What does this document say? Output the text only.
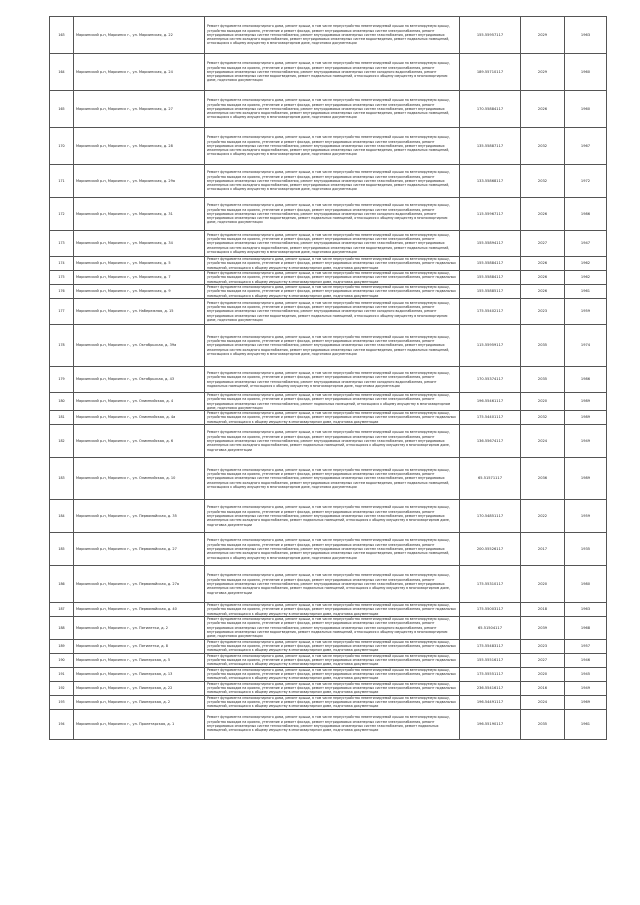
163	Мариинский р-н, Мариинск г., ул. Мариинская, д. 22	Ремонт фундамента многоквартирного дома, ремонт крыши, в том числе переустройство невентилируемой крыши на вентилируемую крышу, устройство выходов на кровлю, утепление и ремонт фасада, ремонт внутридомовых инженерных систем электроснабжения, ремонт внутридомовых инженерных систем теплоснабжения, ремонт внутридомовых инженерных систем газоснабжения, ремонт внутридомовых инженерных систем холодного водоснабжения, ремонт внутридомовых инженерных систем водоотведения, ремонт подвальных помещений, относящихся к общему имуществу в многоквартирном доме, подготовка документации	155.55957117	2029	1963
164	Мариинский р-н, Мариинск г., ул. Мариинская, д. 24	Ремонт фундамента многоквартирного дома, ремонт крыши, в том числе переустройство невентилируемой крыши на вентилируемую крышу, устройство выходов на кровлю, утепление и ремонт фасада, ремонт внутридомовых инженерных систем электроснабжения, ремонт внутридомовых инженерных систем теплоснабжения, ремонт внутридомовых инженерных систем холодного водоснабжения, ремонт внутридомовых инженерных систем водоотведения, ремонт подвальных помещений, относящихся к общему имуществу в многоквартирном доме, подготовка документации	189.55710117	2029	1960
165	Мариинский р-н, Мариинск г., ул. Мариинская, д. 27	Ремонт фундамента многоквартирного дома, ремонт крыши, в том числе переустройство невентилируемой крыши на вентилируемую крышу, устройство выходов на кровлю, утепление и ремонт фасада, ремонт внутридомовых инженерных систем электроснабжения, ремонт внутридомовых инженерных систем теплоснабжения, ремонт внутридомовых инженерных систем газоснабжения, ремонт внутридомовых инженерных систем холодного водоснабжения, ремонт внутридомовых инженерных систем водоотведения, ремонт подвальных помещений, относящихся к общему имуществу в многоквартирном доме, подготовка документации	170.55884117	2026	1960
170	Мариинский р-н, Мариинск г., ул. Мариинская, д. 28	Ремонт фундамента многоквартирного дома, ремонт крыши, в том числе переустройство невентилируемой крыши на вентилируемую крышу, устройство выходов на кровлю, утепление и ремонт фасада, ремонт внутридомовых инженерных систем электроснабжения, ремонт внутридомовых инженерных систем теплоснабжения, ремонт внутридомовых инженерных систем газоснабжения, ремонт внутридомовых инженерных систем холодного водоснабжения, ремонт внутридомовых инженерных систем водоотведения, ремонт подвальных помещений, относящихся к общему имуществу в многоквартирном доме, подготовка документации	135.55887117	2032	1967
171	Мариинский р-н, Мариинск г., ул. Мариинская, д. 29а	Ремонт фундамента многоквартирного дома, ремонт крыши, в том числе переустройство невентилируемой крыши на вентилируемую крышу, устройство выходов на кровлю, утепление и ремонт фасада, ремонт внутридомовых инженерных систем электроснабжения, ремонт внутридомовых инженерных систем теплоснабжения, ремонт внутридомовых инженерных систем газоснабжения, ремонт внутридомовых инженерных систем холодного водоснабжения, ремонт внутридомовых инженерных систем водоотведения, ремонт подвальных помещений, относящихся к общему имуществу в многоквартирном доме, подготовка документации	133.55868117	2032	1972
172	Мариинский р-н, Мариинск г., ул. Мариинская, д. 31	Ремонт фундамента многоквартирного дома, ремонт крыши, в том числе переустройство невентилируемой крыши на вентилируемую крышу, устройство выходов на кровлю, утепление и ремонт фасада, ремонт внутридомовых инженерных систем электроснабжения, ремонт внутридомовых инженерных систем теплоснабжения, ремонт внутридомовых инженерных систем холодного водоснабжения, ремонт внутридомовых инженерных систем водоотведения, ремонт подвальных помещений, относящихся к общему имуществу в многоквартирном доме, подготовка документации	115.55967117	2026	1986
173	Мариинский р-н, Мариинск г., ул. Мариинская, д. 34	Ремонт фундамента многоквартирного дома, ремонт крыши, в том числе переустройство невентилируемой крыши на вентилируемую крышу, устройство выходов на кровлю, утепление и ремонт фасада, ремонт внутридомовых инженерных систем электроснабжения, ремонт внутридомовых инженерных систем теплоснабжения, ремонт внутридомовых инженерных систем газоснабжения, ремонт внутридомовых инженерных систем холодного водоснабжения, ремонт внутридомовых инженерных систем водоотведения, ремонт подвальных помещений, относящихся к общему имуществу в многоквартирном доме, подготовка документации	155.55894117	2027	1947
174	Мариинский р-н, Мариинск г., ул. Мариинская, д. 5	Ремонт фундамента многоквартирного дома, ремонт крыши, в том числе переустройство невентилируемой крыши на вентилируемую крышу, устройство выходов на кровлю, утепление и ремонт фасада, ремонт внутридомовых инженерных систем электроснабжения, ремонт подвальных помещений, относящихся к общему имуществу в многоквартирном доме, подготовка документации	155.55884117	2026	1962
175	Мариинский р-н, Мариинск г., ул. Мариинская, д. 7	Ремонт фундамента многоквартирного дома, ремонт крыши, в том числе переустройство невентилируемой крыши на вентилируемую крышу, устройство выходов на кровлю, утепление и ремонт фасада, ремонт внутридомовых инженерных систем электроснабжения, ремонт подвальных помещений, относящихся к общему имуществу в многоквартирном доме, подготовка документации	155.55884117	2026	1962
176	Мариинский р-н, Мариинск г., ул. Мариинская, д. 9	Ремонт фундамента многоквартирного дома, ремонт крыши, в том числе переустройство невентилируемой крыши на вентилируемую крышу, устройство выходов на кровлю, утепление и ремонт фасада, ремонт внутридомовых инженерных систем электроснабжения, ремонт подвальных помещений, относящихся к общему имуществу в многоквартирном доме, подготовка документации	155.55885117	2026	1961
177	Мариинский р-н, Мариинск г., ул. Набережная, д. 15	Ремонт фундамента многоквартирного дома, ремонт крыши, в том числе переустройство невентилируемой крыши на вентилируемую крышу, устройство выходов на кровлю, утепление и ремонт фасада, ремонт внутридомовых инженерных систем электроснабжения, ремонт внутридомовых инженерных систем теплоснабжения, ремонт внутридомовых инженерных систем холодного водоснабжения, ремонт внутридомовых инженерных систем водоотведения, ремонт подвальных помещений, относящихся к общему имуществу в многоквартирном доме, подготовка документации	175.55402117	2023	1959
178	Мариинский р-н, Мариинск г., ул. Октябрьская, д. 39а	Ремонт фундамента многоквартирного дома, ремонт крыши, в том числе переустройство невентилируемой крыши на вентилируемую крышу, устройство выходов на кровлю, утепление и ремонт фасада, ремонт внутридомовых инженерных систем электроснабжения, ремонт внутридомовых инженерных систем теплоснабжения, ремонт внутридомовых инженерных систем газоснабжения, ремонт внутридомовых инженерных систем холодного водоснабжения, ремонт внутридомовых инженерных систем водоотведения, ремонт подвальных помещений, относящихся к общему имуществу в многоквартирном доме, подготовка документации	115.55959117	2035	1974
179	Мариинский р-н, Мариинск г., ул. Октябрьская, д. 43	Ремонт фундамента многоквартирного дома, ремонт крыши, в том числе переустройство невентилируемой крыши на вентилируемую крышу, устройство выходов на кровлю, утепление и ремонт фасада, ремонт внутридомовых инженерных систем электроснабжения, ремонт внутридомовых инженерных систем теплоснабжения, ремонт внутридомовых инженерных систем холодного водоснабжения, ремонт подвальных помещений, относящихся к общему имуществу в многоквартирном доме, подготовка документации	170.55374117	2035	1986
180	Мариинский р-н, Мариинск г., ул. Олимпийская, д. 4	Ремонт фундамента многоквартирного дома, ремонт крыши, в том числе переустройство невентилируемой крыши на вентилируемую крышу, устройство выходов на кровлю, утепление и ремонт фасада, ремонт внутридомовых инженерных систем электроснабжения, ремонт внутридомовых инженерных систем теплоснабжения, ремонт подвальных помещений, относящихся к общему имуществу в многоквартирном доме, подготовка документации	196.55461117	2020	1989
181	Мариинский р-н, Мариинск г., ул. Олимпийская, д. 4а	Ремонт фундамента многоквартирного дома, ремонт крыши, в том числе переустройство невентилируемой крыши на вентилируемую крышу, устройство выходов на кровлю, утепление и ремонт фасада, ремонт внутридомовых инженерных систем электроснабжения, ремонт подвальных помещений, относящихся к общему имуществу в многоквартирном доме, подготовка документации	175.54401117	2032	1989
182	Мариинский р-н, Мариинск г., ул. Олимпийская, д. 6	Ремонт фундамента многоквартирного дома, ремонт крыши, в том числе переустройство невентилируемой крыши на вентилируемую крышу, устройство выходов на кровлю, утепление и ремонт фасада, ремонт внутридомовых инженерных систем электроснабжения, ремонт внутридомовых инженерных систем теплоснабжения, ремонт внутридомовых инженерных систем газоснабжения, ремонт внутридомовых инженерных систем холодного водоснабжения, ремонт подвальных помещений, относящихся к общему имуществу в многоквартирном доме, подготовка документации	136.55674117	2024	1949
183	Мариинский р-н, Мариинск г., ул. Олимпийская, д. 10	Ремонт фундамента многоквартирного дома, ремонт крыши, в том числе переустройство невентилируемой крыши на вентилируемую крышу, устройство выходов на кровлю, утепление и ремонт фасада, ремонт внутридомовых инженерных систем электроснабжения, ремонт внутридомовых инженерных систем теплоснабжения, ремонт внутридомовых инженерных систем газоснабжения, ремонт внутридомовых инженерных систем холодного водоснабжения, ремонт внутридомовых инженерных систем водоотведения, ремонт подвальных помещений, относящихся к общему имуществу в многоквартирном доме, подготовка документации	65.51571117	2036	1989
184	Мариинский р-н, Мариинск г., ул. Первомайская, д. 35	Ремонт фундамента многоквартирного дома, ремонт крыши, в том числе переустройство невентилируемой крыши на вентилируемую крышу, устройство выходов на кровлю, утепление и ремонт фасада, ремонт внутридомовых инженерных систем электроснабжения, ремонт внутридомовых инженерных систем теплоснабжения, ремонт внутридомовых инженерных систем газоснабжения, ремонт внутридомовых инженерных систем холодного водоснабжения, ремонт подвальных помещений, относящихся к общему имуществу в многоквартирном доме, подготовка документации	170.54851117	2022	1959
185	Мариинский р-н, Мариинск г., ул. Первомайская, д. 27	Ремонт фундамента многоквартирного дома, ремонт крыши, в том числе переустройство невентилируемой крыши на вентилируемую крышу, устройство выходов на кровлю, утепление и ремонт фасада, ремонт внутридомовых инженерных систем электроснабжения, ремонт внутридомовых инженерных систем теплоснабжения, ремонт внутридомовых инженерных систем газоснабжения, ремонт внутридомовых инженерных систем холодного водоснабжения, ремонт внутридомовых инженерных систем водоотведения, ремонт подвальных помещений, относящихся к общему имуществу в многоквартирном доме, подготовка документации	200.55526117	2017	1935
186	Мариинский р-н, Мариинск г., ул. Первомайская, д. 27а	Ремонт фундамента многоквартирного дома, ремонт крыши, в том числе переустройство невентилируемой крыши на вентилируемую крышу, устройство выходов на кровлю, утепление и ремонт фасада, ремонт внутридомовых инженерных систем электроснабжения, ремонт внутридомовых инженерных систем теплоснабжения, ремонт внутридомовых инженерных систем газоснабжения, ремонт внутридомовых инженерных систем холодного водоснабжения, ремонт подвальных помещений, относящихся к общему имуществу в многоквартирном доме, подготовка документации	175.55310117	2020	1980
187	Мариинский р-н, Мариинск г., ул. Первомайская, д. 40	Ремонт фундамента многоквартирного дома, ремонт крыши, в том числе переустройство невентилируемой крыши на вентилируемую крышу, устройство выходов на кровлю, утепление и ремонт фасада, ремонт внутридомовых инженерных систем электроснабжения, ремонт подвальных помещений, относящихся к общему имуществу в многоквартирном доме, подготовка документации	175.55003117	2018	1963
188	Мариинский р-н, Мариинск г., ул. Пятилетки, д. 2	Ремонт фундамента многоквартирного дома, ремонт крыши, в том числе переустройство невентилируемой крыши на вентилируемую крышу, устройство выходов на кровлю, утепление и ремонт фасада, ремонт внутридомовых инженерных систем электроснабжения, ремонт внутридомовых инженерных систем теплоснабжения, ремонт внутридомовых инженерных систем холодного водоснабжения, ремонт внутридомовых инженерных систем водоотведения, ремонт подвальных помещений, относящихся к общему имуществу в многоквартирном доме, подготовка документации	65.51504117	2039	1968
189	Мариинский р-н, Мариинск г., ул. Пятилетки, д. 8	Ремонт фундамента многоквартирного дома, ремонт крыши, в том числе переустройство невентилируемой крыши на вентилируемую крышу, устройство выходов на кровлю, утепление и ремонт фасада, ремонт внутридомовых инженерных систем электроснабжения, ремонт подвальных помещений, относящихся к общему имуществу в многоквартирном доме, подготовка документации	175.55483117	2023	1957
190	Мариинский р-н, Мариинск г., ул. Пионерская, д. 5	Ремонт фундамента многоквартирного дома, ремонт крыши, в том числе переустройство невентилируемой крыши на вентилируемую крышу, устройство выходов на кровлю, утепление и ремонт фасада, ремонт внутридомовых инженерных систем электроснабжения, ремонт подвальных помещений, относящихся к общему имуществу в многоквартирном доме, подготовка документации	155.55516117	2027	1946
191	Мариинский р-н, Мариинск г., ул. Пионерская, д. 13	Ремонт фундамента многоквартирного дома, ремонт крыши, в том числе переустройство невентилируемой крыши на вентилируемую крышу, устройство выходов на кровлю, утепление и ремонт фасада, ремонт внутридомовых инженерных систем электроснабжения, ремонт подвальных помещений, относящихся к общему имуществу в многоквартирном доме, подготовка документации	175.55551117	2020	1945
192	Мариинский р-н, Мариинск г., ул. Пионерская, д. 22	Ремонт фундамента многоквартирного дома, ремонт крыши, в том числе переустройство невентилируемой крыши на вентилируемую крышу, устройство выходов на кровлю, утепление и ремонт фасада, ремонт внутридомовых инженерных систем электроснабжения, ремонт подвальных помещений, относящихся к общему имуществу в многоквартирном доме, подготовка документации	236.55416117	2016	1949
193	Мариинский р-н, Мариинск г., ул. Пионерская, д. 2	Ремонт фундамента многоквартирного дома, ремонт крыши, в том числе переустройство невентилируемой крыши на вентилируемую крышу, устройство выходов на кровлю, утепление и ремонт фасада, ремонт внутридомовых инженерных систем электроснабжения, ремонт подвальных помещений, относящихся к общему имуществу в многоквартирном доме, подготовка документации	196.54491117	2024	1969
194	Мариинский р-н, Мариинск г., ул. Пролетарская, д. 1	Ремонт фундамента многоквартирного дома, ремонт крыши, в том числе переустройство невентилируемой крыши на вентилируемую крышу, устройство выходов на кровлю, утепление и ремонт фасада, ремонт внутридомовых инженерных систем электроснабжения, ремонт внутридомовых инженерных систем теплоснабжения, ремонт внутридомовых инженерных систем газоснабжения, ремонт подвальных помещений, относящихся к общему имуществу в многоквартирном доме, подготовка документации	196.55190117	2035	1961
